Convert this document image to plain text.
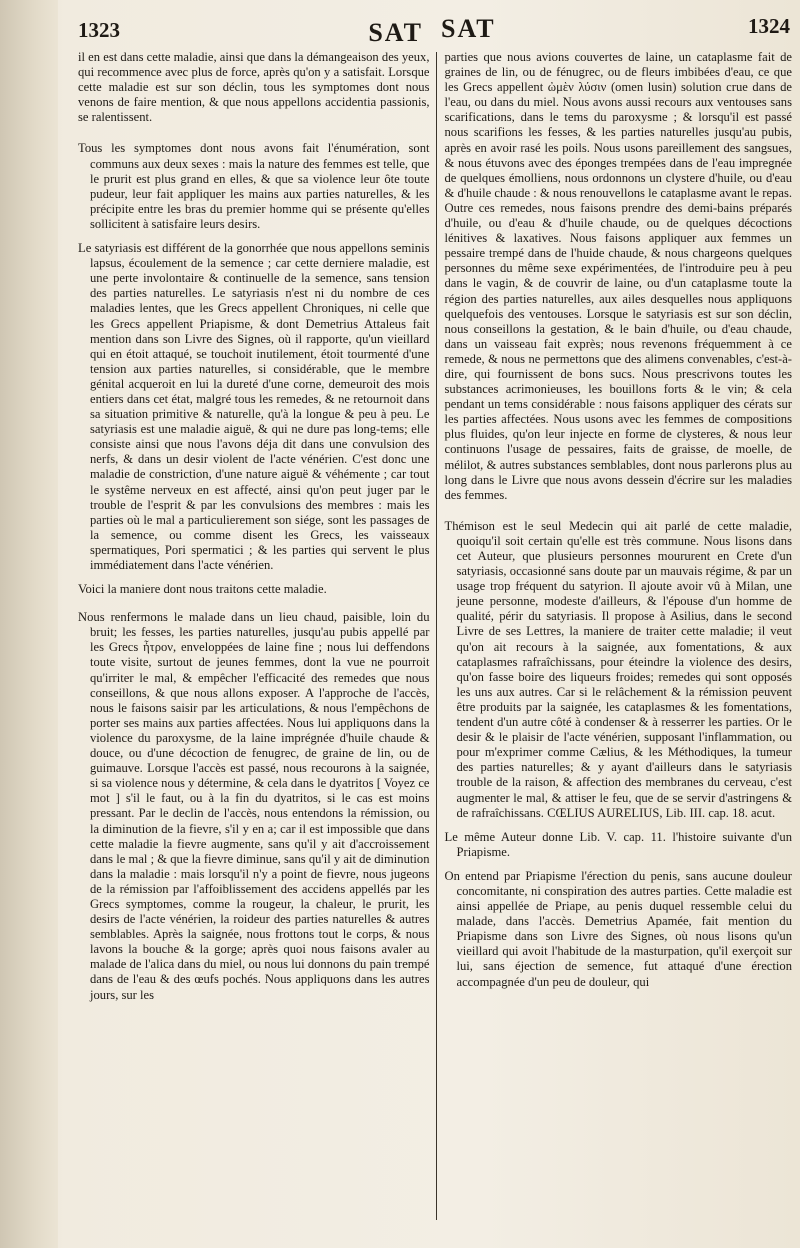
1323	SAT SAT	1324

il en est dans cette maladie, ainsi que dans la démangeaison des yeux, qui recommence avec plus de force, après qu'on y a satisfait. Lorsque cette maladie est sur son déclin, tous les symptomes dont nous venons de faire mention, & que nous appellons accidentia passionis, se ralentissent.

Tous les symptomes dont nous avons fait l'énumération, sont communs aux deux sexes : mais la nature des femmes est telle, que le prurit est plus grand en elles, & que sa violence leur ôte toute pudeur, leur fait appliquer les mains aux parties naturelles, & les précipite entre les bras du premier homme qui se présente qu'elles sollicitent à satisfaire leurs desirs.

Le satyriasis est différent de la gonorrhée que nous appellons seminis lapsus, écoulement de la semence ; car cette derniere maladie, est une perte involontaire & continuelle de la semence, sans tension des parties naturelles. Le satyriasis n'est ni du nombre de ces maladies lentes, que les Grecs appellent Chroniques, ni celle que les Grecs appellent Priapisme, & dont Demetrius Attaleus fait mention dans son Livre des Signes, où il rapporte, qu'un vieillard qui en étoit attaqué, se touchoit inutilement, étoit tourmenté d'une tension aux parties naturelles, si considérable, que le membre génital acqueroit en lui la dureté d'une corne, demeuroit des mois entiers dans cet état, malgré tous les remedes, & ne retournoit dans sa situation primitive & naturelle, qu'à la longue & peu à peu. Le satyriasis est une maladie aiguë, & qui ne dure pas long-tems; elle consiste ainsi que nous l'avons déja dit dans une convulsion des nerfs, & dans un desir violent de l'acte vénérien. C'est donc une maladie de constriction, d'une nature aiguë & véhémente ; car tout le systême nerveux en est affecté, ainsi qu'on peut juger par le trouble de l'esprit & par les convulsions des membres : mais les parties où le mal a particulierement son siége, sont les passages de la semence, ou comme disent les Grecs, les vaisseaux spermatiques, Pori spermatici ; & les parties qui servent le plus immédiatement dans l'acte vénérien.

Voici la maniere dont nous traitons cette maladie.

Nous renfermons le malade dans un lieu chaud, paisible, loin du bruit; les fesses, les parties naturelles, jusqu'au pubis appellé par les Grecs ἦτρον, enveloppées de laine fine ; nous lui deffendons toute visite, surtout de jeunes femmes, dont la vue ne pourroit qu'irriter le mal, & empêcher l'efficacité des remedes que nous conseillons, & que nous allons exposer. A l'approche de l'accès, nous le faisons saisir par les articulations, & nous l'empêchons de porter ses mains aux parties affectées. Nous lui appliquons dans la violence du paroxysme, de la laine imprégnée d'huile chaude & douce, ou d'une décoction de fenugrec, de graine de lin, ou de guimauve. Lorsque l'accès est passé, nous recourons à la saignée, si sa violence nous y détermine, & cela dans le dyatritos [ Voyez ce mot ] s'il le faut, ou à la fin du dyatritos, si le cas est moins pressant. Par le declin de l'accès, nous entendons la rémission, ou la diminution de la fievre, s'il y en a; car il est impossible que dans cette maladie la fievre augmente, sans qu'il y ait d'accroissement dans le mal ; & que la fievre diminue, sans qu'il y ait de diminution dans la maladie : mais lorsqu'il n'y a point de fievre, nous jugeons de la rémission par l'affoiblissement des accidens appellés par les Grecs symptomes, comme la rougeur, la chaleur, le prurit, les desirs de l'acte vénérien, la roideur des parties naturelles & autres semblables. Après la saignée, nous frottons tout le corps, & nous lavons la bouche & la gorge; après quoi nous faisons avaler au malade de l'alica dans du miel, ou nous lui donnons du pain trempé dans de l'eau & des œufs pochés. Nous appliquons dans les autres jours, sur les

parties que nous avions couvertes de laine, un cataplasme fait de graines de lin, ou de fénugrec, ou de fleurs imbibées d'eau, ce que les Grecs appellent ὠμὲν λύσιν (omen lusin) solution crue dans de l'eau, ou dans du miel. Nous avons aussi recours aux ventouses sans scarifications, dans le tems du paroxysme ; & lorsqu'il est passé nous scarifions les fesses, & les parties naturelles jusqu'au pubis, après en avoir rasé les poils. Nous usons pareillement des sangsues, & nous étuvons avec des éponges trempées dans de l'eau impregnée de quelques émolliens, nous ordonnons un clystere d'huile, ou d'eau & d'huile chaude : & nous renouvellons le cataplasme avant le repas. Outre ces remedes, nous faisons prendre des demi-bains préparés d'huile, ou d'eau & d'huile chaude, ou de quelques décoctions lénitives & laxatives. Nous faisons appliquer aux femmes un pessaire trempé dans de l'huide chaude, & nous chargeons quelques personnes du même sexe expérimentées, de l'introduire peu à peu dans le vagin, & de couvrir de laine, ou d'un cataplasme toute la région des parties naturelles, aux ailes desquelles nous appliquons quelquefois des ventouses. Lorsque le satyriasis est sur son déclin, nous conseillons la gestation, & le bain d'huile, ou d'eau chaude, dans un vaisseau fait exprès; nous revenons fréquemment à ce remede, & nous ne permettons que des alimens convenables, c'est-à-dire, qui fournissent de bons sucs. Nous prescrivons toutes les substances acrimonieuses, les bouillons forts & le vin; & cela pendant un tems considérable : nous faisons appliquer des cérats sur les parties affectées. Nous usons avec les femmes de compositions plus fluides, qu'on leur injecte en forme de clysteres, & nous leur continuons l'usage de pessaires, faits de graisse, de moelle, de mélilot, & autres substances semblables, dont nous parlerons plus au long dans le Livre que nous avons dessein d'écrire sur les maladies des femmes.

Thémison est le seul Medecin qui ait parlé de cette maladie, quoiqu'il soit certain qu'elle est très commune. Nous lisons dans cet Auteur, que plusieurs personnes moururent en Crete d'un satyriasis, occasionné sans doute par un mauvais régime, & par un usage trop fréquent du satyrion. Il ajoute avoir vû à Milan, une jeune personne, modeste d'ailleurs, & l'épouse d'un homme de qualité, périr du satyriasis. Il propose à Asilius, dans le second Livre de ses Lettres, la maniere de traiter cette maladie; il veut qu'on ait recours à la saignée, aux fomentations, & aux cataplasmes rafraîchissans, pour éteindre la violence des desirs, qu'on fasse boire des liqueurs froides; remedes qui sont opposés les uns aux autres. Car si le relâchement & la rémission peuvent être produits par la saignée, les cataplasmes & les fomentations, tendent d'un autre côté à condenser & à resserrer les parties. Or le desir & le plaisir de l'acte vénérien, supposant l'inflammation, ou pour m'exprimer comme Cælius, & les Méthodiques, la tumeur des parties naturelles; & y ayant d'ailleurs dans le satyriasis trouble de la raison, & affection des membranes du cerveau, c'est augmenter le mal, & attiser le feu, que de se servir d'astringens & de rafraîchissans. CŒLIUS AURELIUS, Lib. III. cap. 18. acut.

Le même Auteur donne Lib. V. cap. 11. l'histoire suivante d'un Priapisme.

On entend par Priapisme l'érection du penis, sans aucune douleur concomitante, ni conspiration des autres parties. Cette maladie est ainsi appellée de Priape, au penis duquel ressemble celui du malade, dans l'accès. Demetrius Apamée, fait mention du Priapisme dans son Livre des Signes, où nous lisons qu'un vieillard qui avoit l'habitude de la masturpation, qu'il exerçoit sur lui, sans éjection de semence, fut attaqué d'une érection accompagnée d'un peu de douleur, qui
